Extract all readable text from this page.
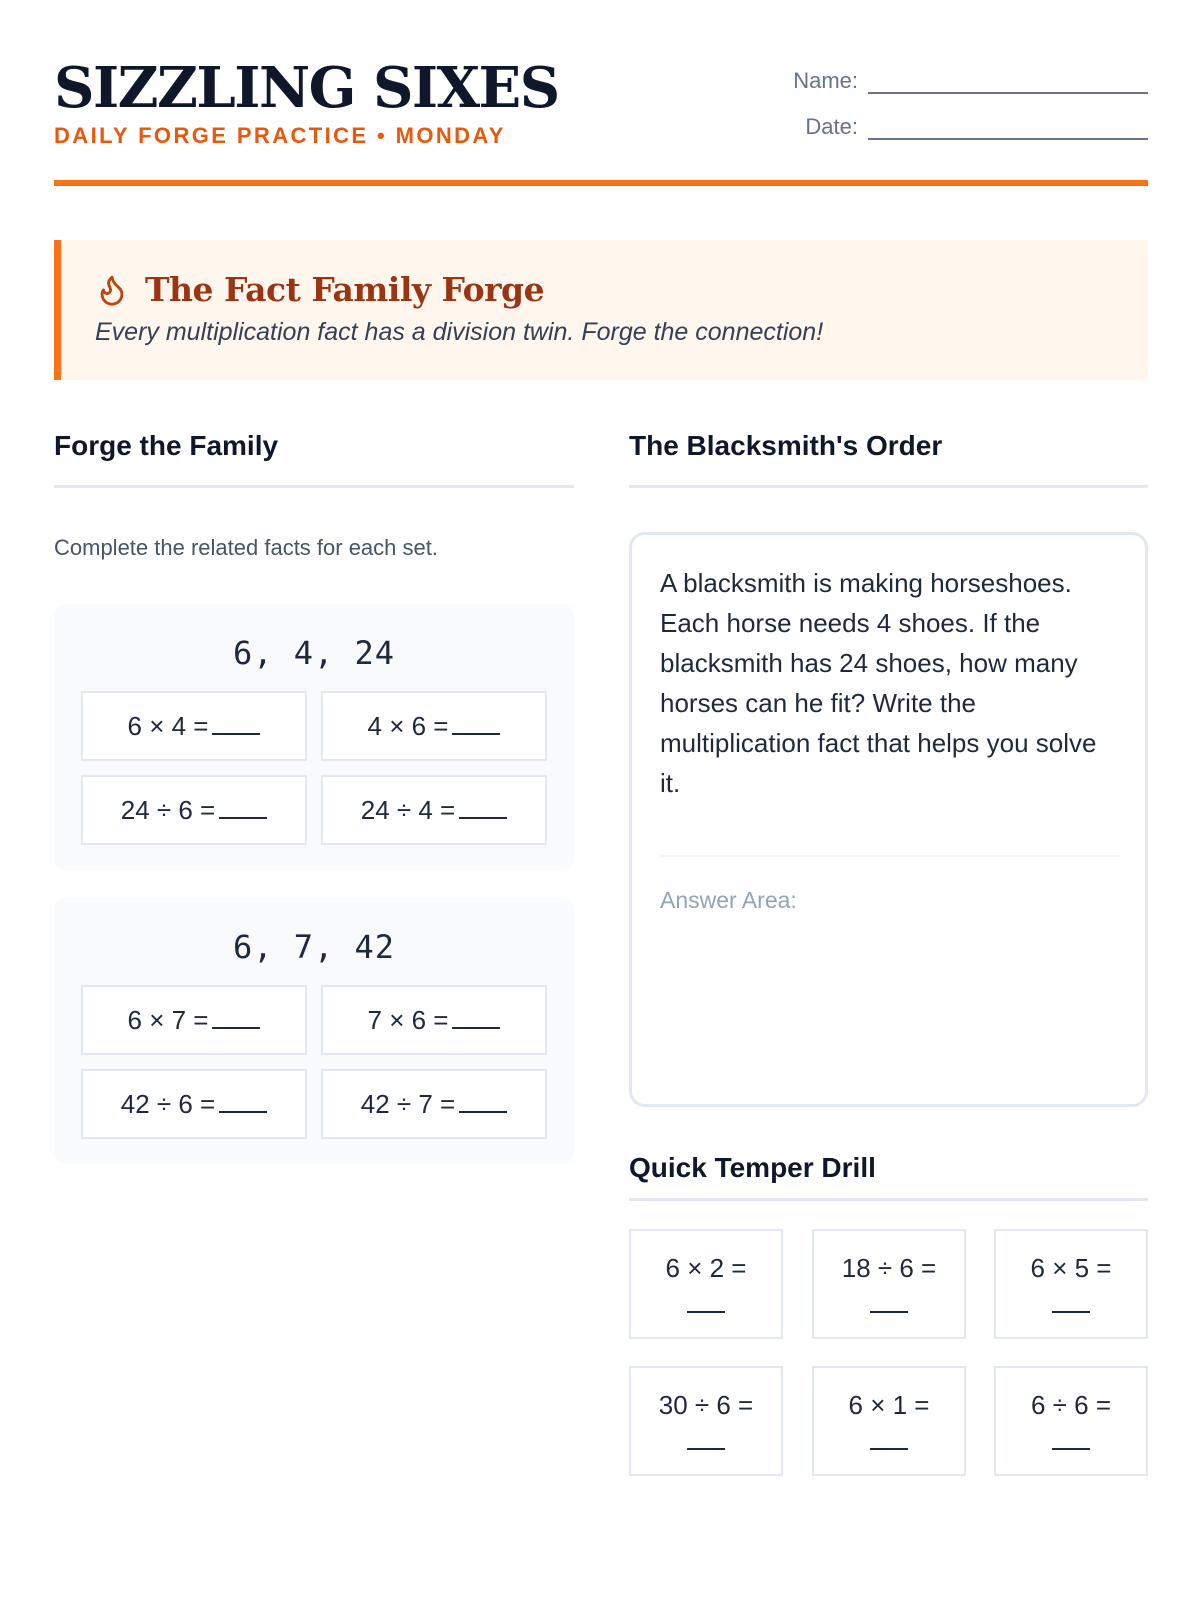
SIZZLING SIXES
DAILY FORGE PRACTICE • MONDAY
Name:
Date:
The Fact Family Forge
Every multiplication fact has a division twin. Forge the connection!
Forge the Family
Complete the related facts for each set.
6, 4, 24
6 × 4 =	4 × 6 =
24 ÷ 6 =	24 ÷ 4 =
6, 7, 42
6 × 7 =	7 × 6 =
42 ÷ 6 =	42 ÷ 7 =
The Blacksmith's Order
A blacksmith is making horseshoes. Each horse needs 4 shoes. If the blacksmith has 24 shoes, how many horses can he fit? Write the multiplication fact that helps you solve it.
Answer Area:
Quick Temper Drill
6 × 2 =	18 ÷ 6 =	6 × 5 =
30 ÷ 6 =	6 × 1 =	6 ÷ 6 =
